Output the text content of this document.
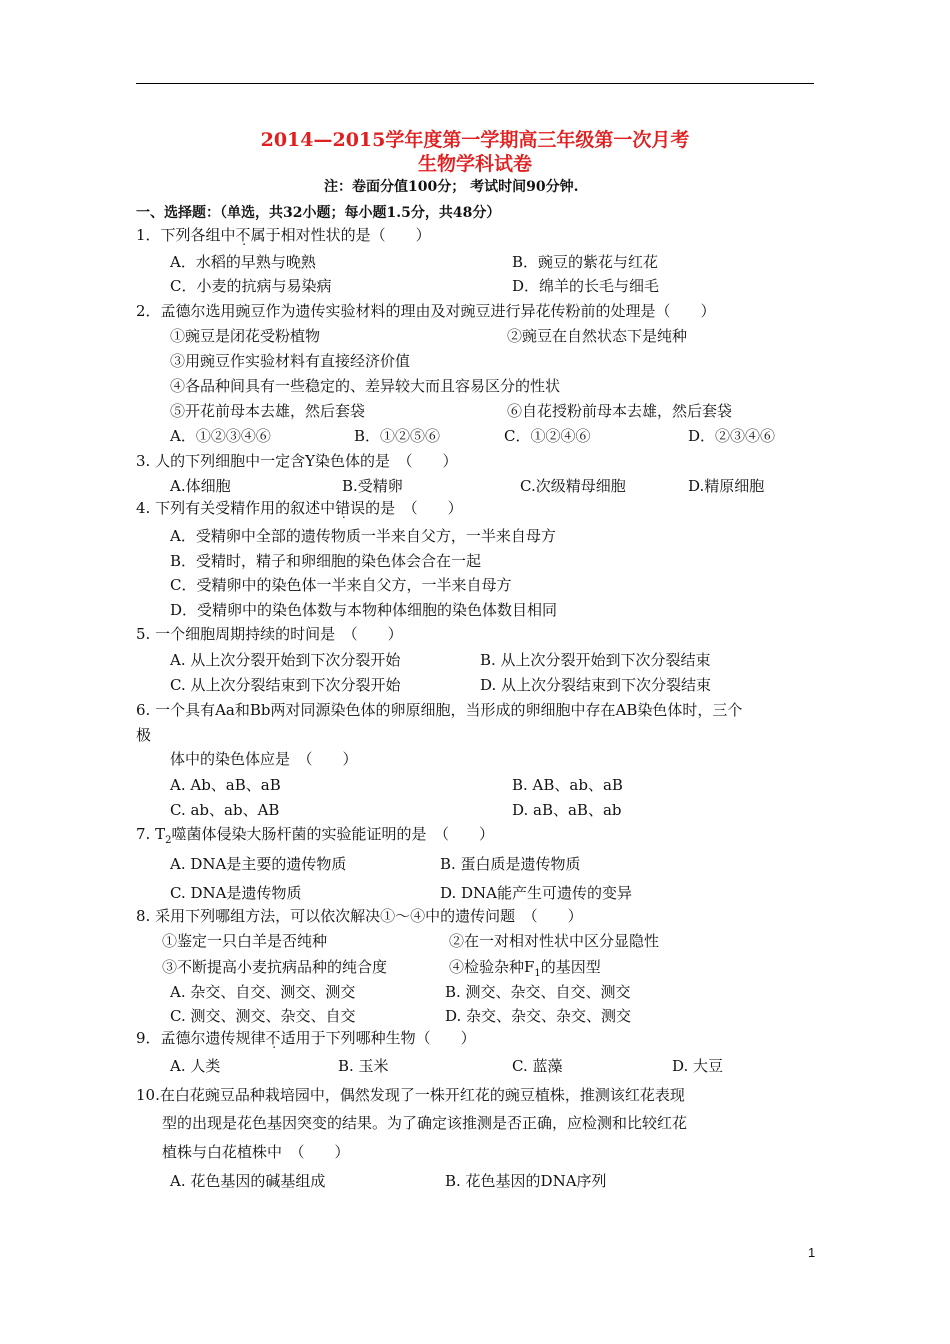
2014—2015学年度第一学期高三年级第一次月考
生物学科试卷
注：卷面分值100分； 考试时间90分钟.
一、选择题：（单选，共32小题；每小题1.5分，共48分）
1．下列各组中不属于相对性状的是（　　）
A．水稻的早熟与晚熟	B．豌豆的紫花与红花
C．小麦的抗病与易染病	D．绵羊的长毛与细毛
2．孟德尔选用豌豆作为遗传实验材料的理由及对豌豆进行异花传粉前的处理是（　　）
①豌豆是闭花受粉植物	②豌豆在自然状态下是纯种
③用豌豆作实验材料有直接经济价值
④各品种间具有一些稳定的、差异较大而且容易区分的性状
⑤开花前母本去雄，然后套袋	⑥自花授粉前母本去雄，然后套袋
A．①②③④⑥	B．①②⑤⑥	C．①②④⑥	D．②③④⑥
3. 人的下列细胞中一定含Y染色体的是　（　　）
A.体细胞	B.受精卵	C.次级精母细胞	D.精原细胞
4. 下列有关受精作用的叙述中错误的是　（　　）
A．受精卵中全部的遗传物质一半来自父方，一半来自母方
B．受精时，精子和卵细胞的染色体会合在一起
C．受精卵中的染色体一半来自父方，一半来自母方
D．受精卵中的染色体数与本物种体细胞的染色体数目相同
5. 一个细胞周期持续的时间是　（　　）
A. 从上次分裂开始到下次分裂开始	B. 从上次分裂开始到下次分裂结束
C. 从上次分裂结束到下次分裂开始	D. 从上次分裂结束到下次分裂结束
6. 一个具有Aa和Bb两对同源染色体的卵原细胞，当形成的卵细胞中存在AB染色体时，三个
极
体中的染色体应是　（　　）
A. Ab、aB、aB	B. AB、ab、aB
C. ab、ab、AB	D. aB、aB、ab
7. $T_2$噬菌体侵染大肠杆菌的实验能证明的是　（　　）
A. DNA是主要的遗传物质	B. 蛋白质是遗传物质
C. DNA是遗传物质	D. DNA能产生可遗传的变异
8. 采用下列哪组方法，可以依次解决①～④中的遗传问题　（　　）
①鉴定一只白羊是否纯种	②在一对相对性状中区分显隐性
③不断提高小麦抗病品种的纯合度	④检验杂种$F_1$的基因型
A. 杂交、自交、测交、测交	B. 测交、杂交、自交、测交
C. 测交、测交、杂交、自交	D. 杂交、杂交、杂交、测交
9．孟德尔遗传规律不适用于下列哪种生物（　　）
A. 人类	B. 玉米	C. 蓝藻	D. 大豆
10.在白花豌豆品种栽培园中，偶然发现了一株开红花的豌豆植株，推测该红花表现
型的出现是花色基因突变的结果。为了确定该推测是否正确，应检测和比较红花
植株与白花植株中　（　　）
A. 花色基因的碱基组成	B. 花色基因的DNA序列
1
